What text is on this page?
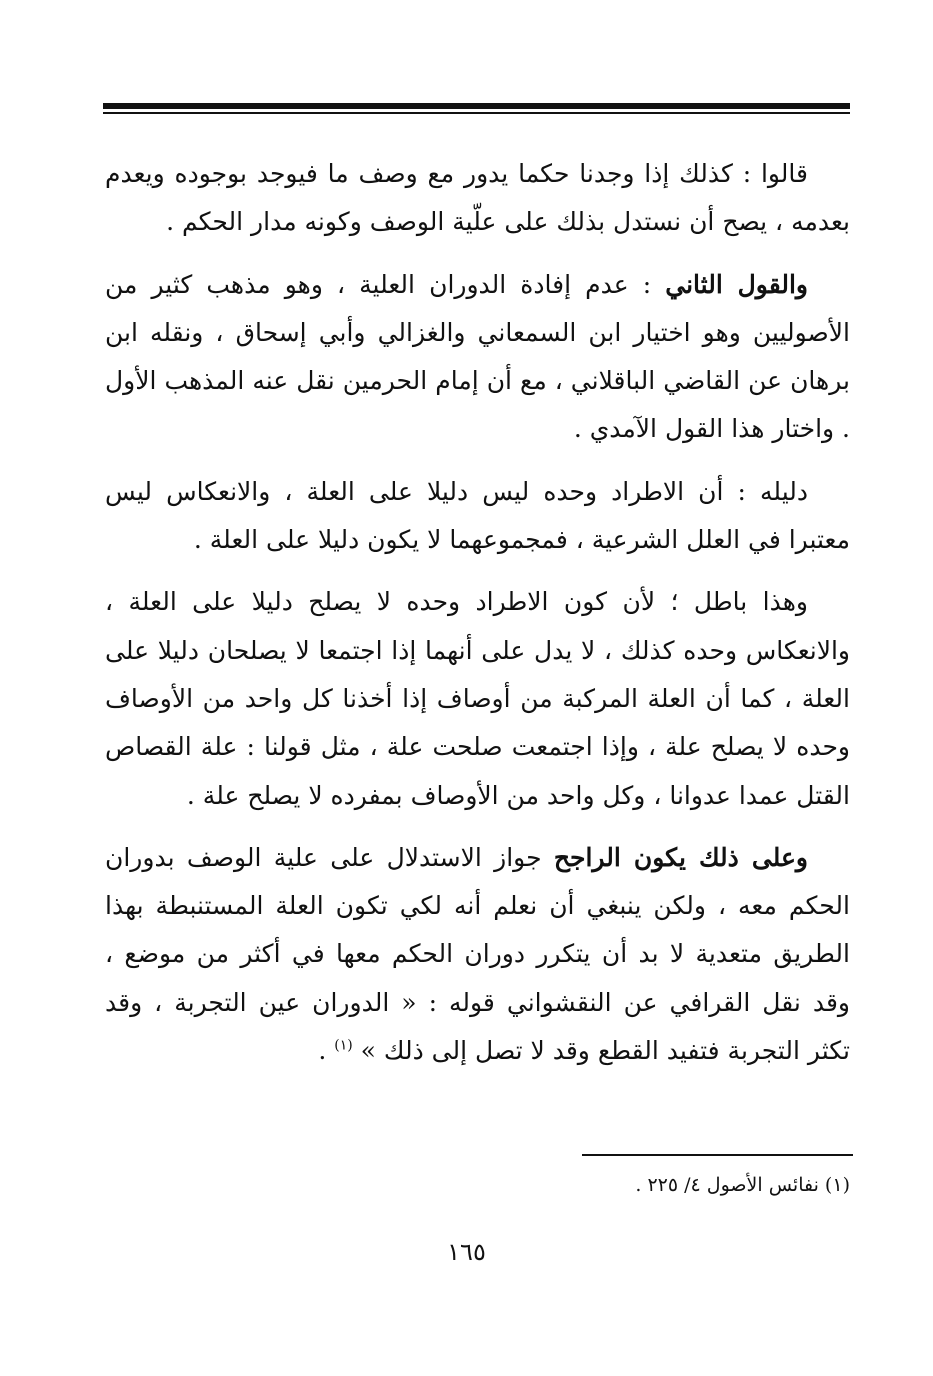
قالوا : كذلك إذا وجدنا حكما يدور مع وصف ما فيوجد بوجوده ويعدم بعدمه ، يصح أن نستدل بذلك على علّية الوصف وكونه مدار الحكم .

والقول الثاني : عدم إفادة الدوران العلية ، وهو مذهب كثير من الأصوليين وهو اختيار ابن السمعاني والغزالي وأبي إسحاق ، ونقله ابن برهان عن القاضي الباقلاني ، مع أن إمام الحرمين نقل عنه المذهب الأول . واختار هذا القول الآمدي .

دليله : أن الاطراد وحده ليس دليلا على العلة ، والانعكاس ليس معتبرا في العلل الشرعية ، فمجموعهما لا يكون دليلا على العلة .

وهذا باطل ؛ لأن كون الاطراد وحده لا يصلح دليلا على العلة ، والانعكاس وحده كذلك ، لا يدل على أنهما إذا اجتمعا لا يصلحان دليلا على العلة ، كما أن العلة المركبة من أوصاف إذا أخذنا كل واحد من الأوصاف وحده لا يصلح علة ، وإذا اجتمعت صلحت علة ، مثل قولنا : علة القصاص القتل عمدا عدوانا ، وكل واحد من الأوصاف بمفرده لا يصلح علة .

وعلى ذلك يكون الراجح جواز الاستدلال على علية الوصف بدوران الحكم معه ، ولكن ينبغي أن نعلم أنه لكي تكون العلة المستنبطة بهذا الطريق متعدية لا بد أن يتكرر دوران الحكم معها في أكثر من موضع ، وقد نقل القرافي عن النقشواني قوله : « الدوران عين التجربة ، وقد تكثر التجربة فتفيد القطع وقد لا تصل إلى ذلك » $^{(١)}$ .

(١) نفائس الأصول ٤/ ٢٢٥ .
١٦٥
